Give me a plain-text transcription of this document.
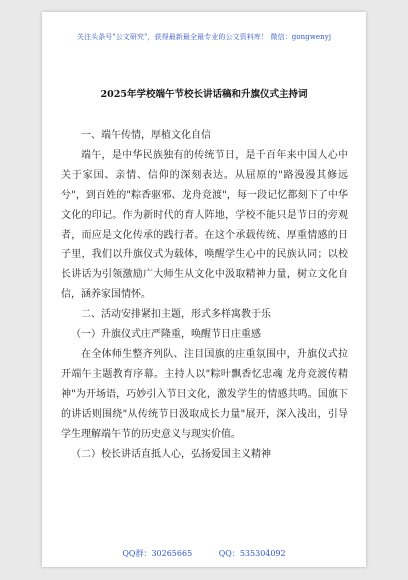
关注头条号"公文研究"，获得最新最全最专业的公文资料库！ 微信：gongwenyj
2025年学校端午节校长讲话稿和升旗仪式主持词

一、端午传情，厚植文化自信

端午，是中华民族独有的传统节日，是千百年来中国人心中关于家国、亲情、信仰的深刻表达。从屈原的"路漫漫其修远兮"，到百姓的"粽香驱邪、龙舟竞渡"，每一段记忆都刻下了中华文化的印记。作为新时代的育人阵地，学校不能只是节日的旁观者，而应是文化传承的践行者。在这个承载传统、厚重情感的日子里，我们以升旗仪式为载体，唤醒学生心中的民族认同；以校长讲话为引领激励广大师生从文化中汲取精神力量，树立文化自信，涵养家国情怀。

二、活动安排紧扣主题，形式多样寓教于乐

（一）升旗仪式庄严隆重，唤醒节日庄重感

在全体师生整齐列队、注目国旗的庄重氛围中，升旗仪式拉开端午主题教育序幕。主持人以"粽叶飘香忆忠魂 龙舟竞渡传精神"为开场语，巧妙引入节日文化，激发学生的情感共鸣。国旗下的讲话则围绕"从传统节日汲取成长力量"展开，深入浅出，引导学生理解端午节的历史意义与现实价值。

（二）校长讲话直抵人心，弘扬爱国主义精神

QQ群：30265665	QQ：535304092
